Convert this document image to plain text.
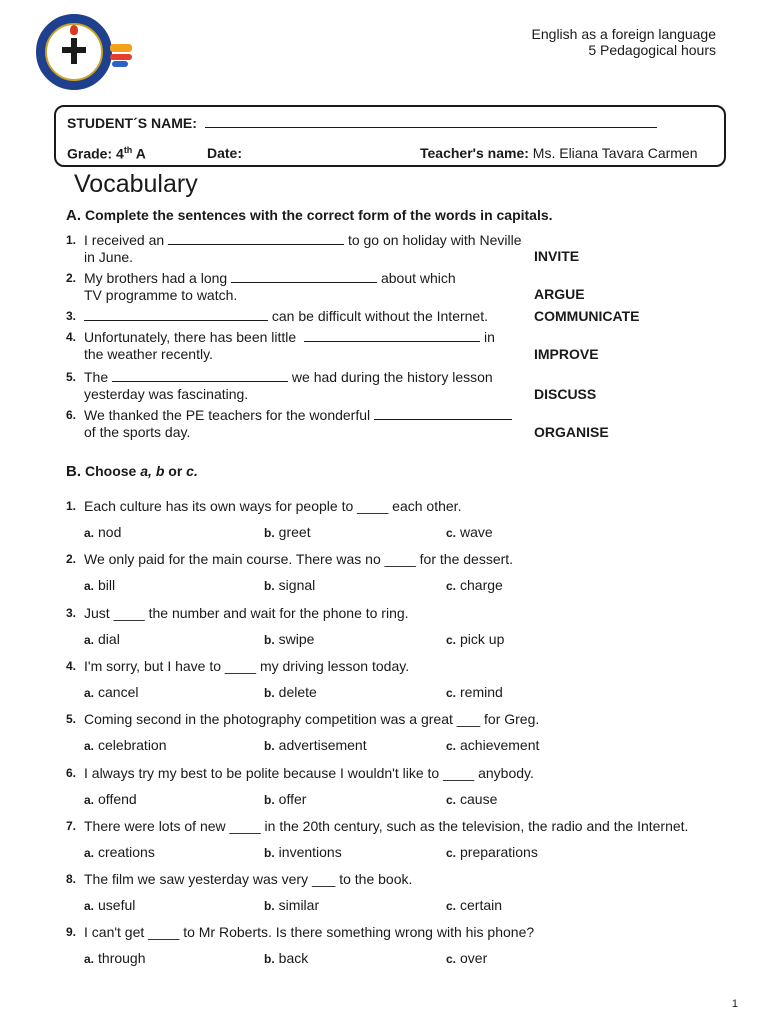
English as a foreign language
5 Pedagogical hours
STUDENT´S NAME:
Grade: 4th A	Date:	Teacher's name: Ms. Eliana Tavara Carmen
Vocabulary
A. Complete the sentences with the correct form of the words in capitals.
1. I received an	to go on holiday with Neville
in June.	INVITE
2. My brothers had a long	about which
TV programme to watch.	ARGUE
3.	can be difficult without the Internet.	COMMUNICATE
4. Unfortunately, there has been little	in
the weather recently.	IMPROVE
5. The	we had during the history lesson
yesterday was fascinating.	DISCUSS
6. We thanked the PE teachers for the wonderful
of the sports day.	ORGANISE
B. Choose a, b or c.
1. Each culture has its own ways for people to ____ each other.
a. nod	b. greet	c. wave
2. We only paid for the main course. There was no ____ for the dessert.
a. bill	b. signal	c. charge
3. Just ____ the number and wait for the phone to ring.
a. dial	b. swipe	c. pick up
4. I'm sorry, but I have to ____ my driving lesson today.
a. cancel	b. delete	c. remind
5. Coming second in the photography competition was a great ___ for Greg.
a. celebration	b. advertisement	c. achievement
6. I always try my best to be polite because I wouldn't like to ____ anybody.
a. offend	b. offer	c. cause
7. There were lots of new ____ in the 20th century, such as the television, the radio and the Internet.
a. creations	b. inventions	c. preparations
8. The film we saw yesterday was very ___ to the book.
a. useful	b. similar	c. certain
9. I can't get ____ to Mr Roberts. Is there something wrong with his phone?
a. through	b. back	c. over
1
